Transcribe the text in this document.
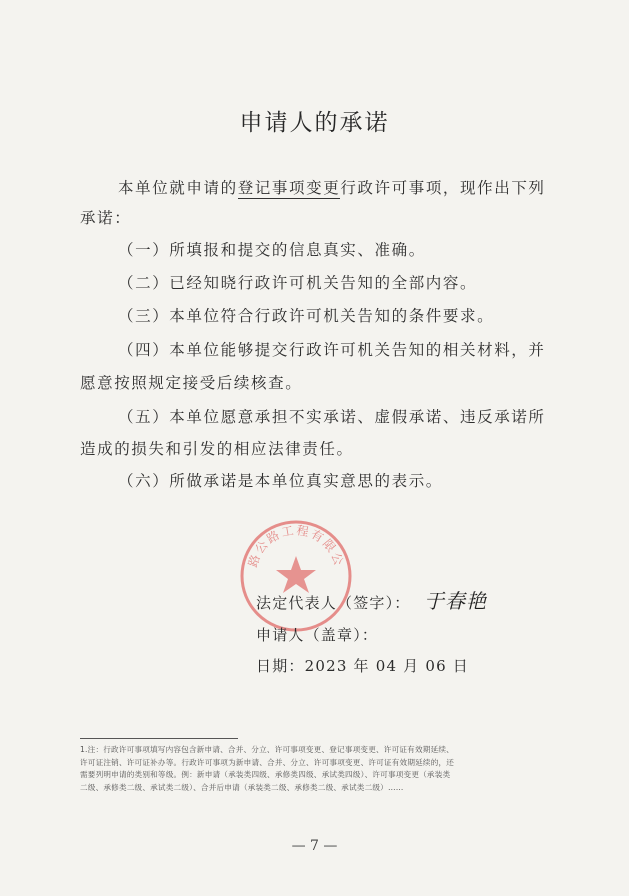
申请人的承诺
本单位就申请的登记事项变更行政许可事项，现作出下列
承诺：
（一）所填报和提交的信息真实、准确。
（二）已经知晓行政许可机关告知的全部内容。
（三）本单位符合行政许可机关告知的条件要求。
（四）本单位能够提交行政许可机关告知的相关材料，并
愿意按照规定接受后续核查。
（五）本单位愿意承担不实承诺、虚假承诺、违反承诺所
造成的损失和引发的相应法律责任。
（六）所做承诺是本单位真实意思的表示。
路公路工程有限公
法定代表人（签字）： 于春艳
申请人（盖章）：
日期：2023 年 04 月 06 日
1.注：行政许可事项填写内容包含新申请、合并、分立、许可事项变更、登记事项变更、许可证有效期延续、
许可证注销、许可证补办等。行政许可事项为新申请、合并、分立、许可事项变更、许可证有效期延续的，还
需要列明申请的类别和等级。例：新申请（承装类四级、承修类四级、承试类四级）、许可事项变更（承装类
二级、承修类二级、承试类二级）、合并后申请（承装类二级、承修类二级、承试类二级）……
— 7 —
